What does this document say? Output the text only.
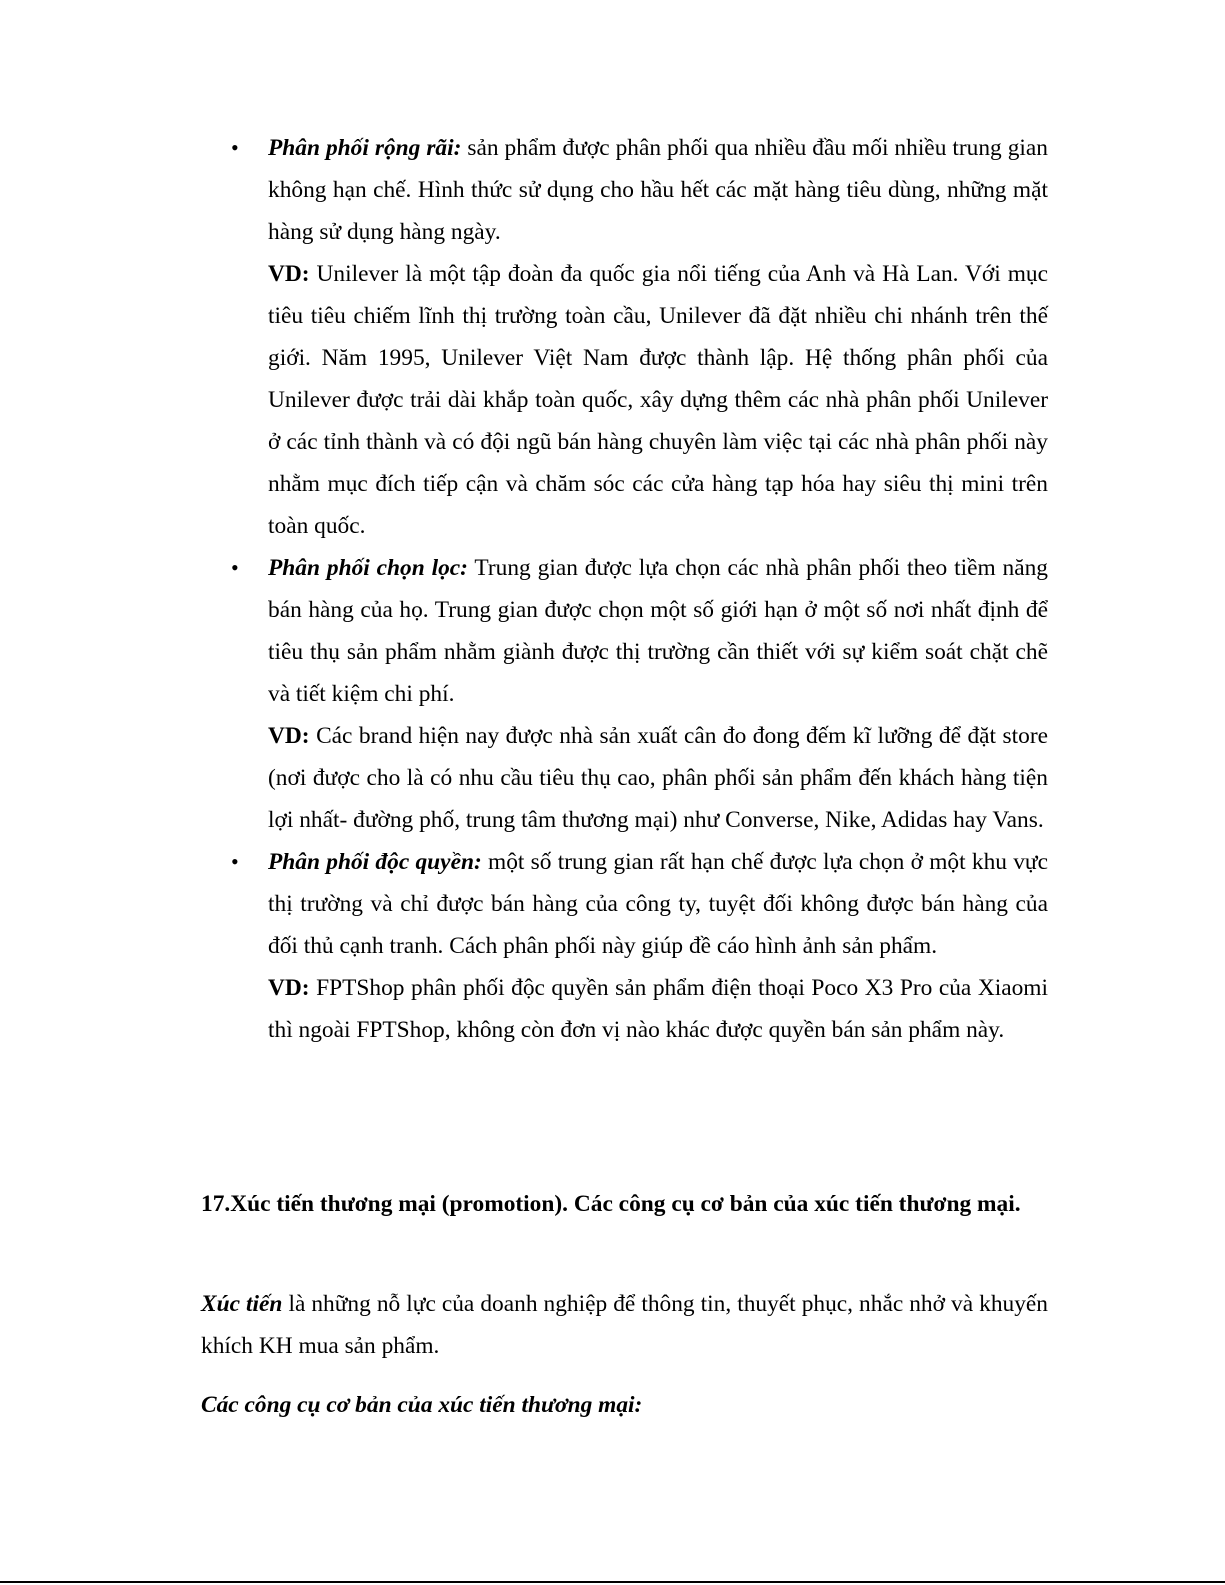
• Phân phối rộng rãi: sản phẩm được phân phối qua nhiều đầu mối nhiều trung gian không hạn chế. Hình thức sử dụng cho hầu hết các mặt hàng tiêu dùng, những mặt hàng sử dụng hàng ngày.

VD: Unilever là một tập đoàn đa quốc gia nổi tiếng của Anh và Hà Lan. Với mục tiêu tiêu chiếm lĩnh thị trường toàn cầu, Unilever đã đặt nhiều chi nhánh trên thế giới. Năm 1995, Unilever Việt Nam được thành lập. Hệ thống phân phối của Unilever được trải dài khắp toàn quốc, xây dựng thêm các nhà phân phối Unilever ở các tỉnh thành và có đội ngũ bán hàng chuyên làm việc tại các nhà phân phối này nhằm mục đích tiếp cận và chăm sóc các cửa hàng tạp hóa hay siêu thị mini trên toàn quốc.

• Phân phối chọn lọc: Trung gian được lựa chọn các nhà phân phối theo tiềm năng bán hàng của họ. Trung gian được chọn một số giới hạn ở một số nơi nhất định để tiêu thụ sản phẩm nhằm giành được thị trường cần thiết với sự kiểm soát chặt chẽ và tiết kiệm chi phí.

VD: Các brand hiện nay được nhà sản xuất cân đo đong đếm kĩ lưỡng để đặt store (nơi được cho là có nhu cầu tiêu thụ cao, phân phối sản phẩm đến khách hàng tiện lợi nhất- đường phố, trung tâm thương mại) như Converse, Nike, Adidas hay Vans.

• Phân phối độc quyền: một số trung gian rất hạn chế được lựa chọn ở một khu vực thị trường và chỉ được bán hàng của công ty, tuyệt đối không được bán hàng của đối thủ cạnh tranh. Cách phân phối này giúp đề cáo hình ảnh sản phẩm.

VD: FPTShop phân phối độc quyền sản phẩm điện thoại Poco X3 Pro của Xiaomi thì ngoài FPTShop, không còn đơn vị nào khác được quyền bán sản phẩm này.

17.Xúc tiến thương mại (promotion). Các công cụ cơ bản của xúc tiến thương mại.

Xúc tiến là những nỗ lực của doanh nghiệp để thông tin, thuyết phục, nhắc nhở và khuyến khích KH mua sản phẩm.

Các công cụ cơ bản của xúc tiến thương mại:
